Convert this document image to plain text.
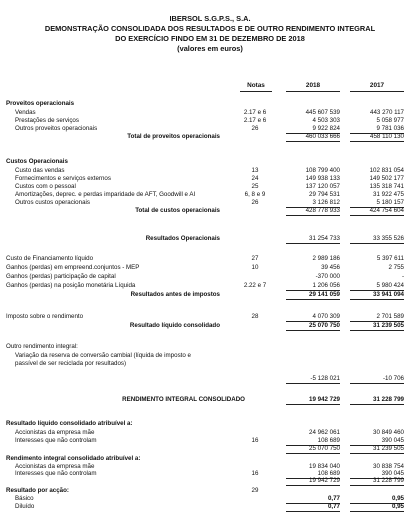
IBERSOL S.G.P.S., S.A.
DEMONSTRAÇÃO CONSOLIDADA DOS RESULTADOS E DE OUTRO RENDIMENTO INTEGRAL
DO EXERCÍCIO FINDO EM 31 DE DEZEMBRO DE 2018
(valores em euros)
Notas	2018	2017
Proveitos operacionais
Vendas	2.17 e 6	445 607 539	443 270 117
Prestações de serviços	2.17 e 6	4 503 303	5 058 977
Outros proveitos operacionais	26	9 922 824	9 781 036
Total de proveitos operacionais	460 033 666	458 110 130
Custos Operacionais
Custo das vendas	13	108 799 400	102 831 054
Fornecimentos e serviços externos	24	149 938 133	149 502 177
Custos com o pessoal	25	137 120 057	135 318 741
Amortizações, deprec. e perdas imparidade de AFT, Goodwill e AI	6, 8 e 9	29 794 531	31 922 475
Outros custos operacionais	26	3 126 812	5 180 157
Total de custos operacionais	428 778 933	424 754 604
Resultados Operacionais	31 254 733	33 355 526
Custo de Financiamento líquido	27	2 989 186	5 397 611
Ganhos (perdas) em empreend.conjuntos - MEP	10	39 456	2 755
Ganhos (perdas) participação de capital	-370 000	-
Ganhos (perdas) na posição monetária Líquida	2.22 e 7	1 206 056	5 980 424
Resultados antes de impostos	29 141 059	33 941 094
Imposto sobre o rendimento	28	4 070 309	2 701 589
Resultado líquido consolidado	25 070 750	31 239 505
Outro rendimento integral:
Variação da reserva de conversão cambial (líquida de imposto e
passível de ser reciclada por resultados)
-5 128 021	-10 706
RENDIMENTO INTEGRAL CONSOLIDADO	19 942 729	31 228 799
Resultado líquido consolidado atribuível a:
Accionistas da empresa mãe	24 962 061	30 849 460
Interesses que não controlam	16	108 689	390 045
25 070 750	31 239 505
Rendimento integral consolidado atribuível a:
Accionistas da empresa mãe	19 834 040	30 838 754
Interesses que não controlam	16	108 689	390 045
19 942 729	31 228 799
Resultado por acção:	29
Básico	0,77	0,95
Diluído	0,77	0,95
